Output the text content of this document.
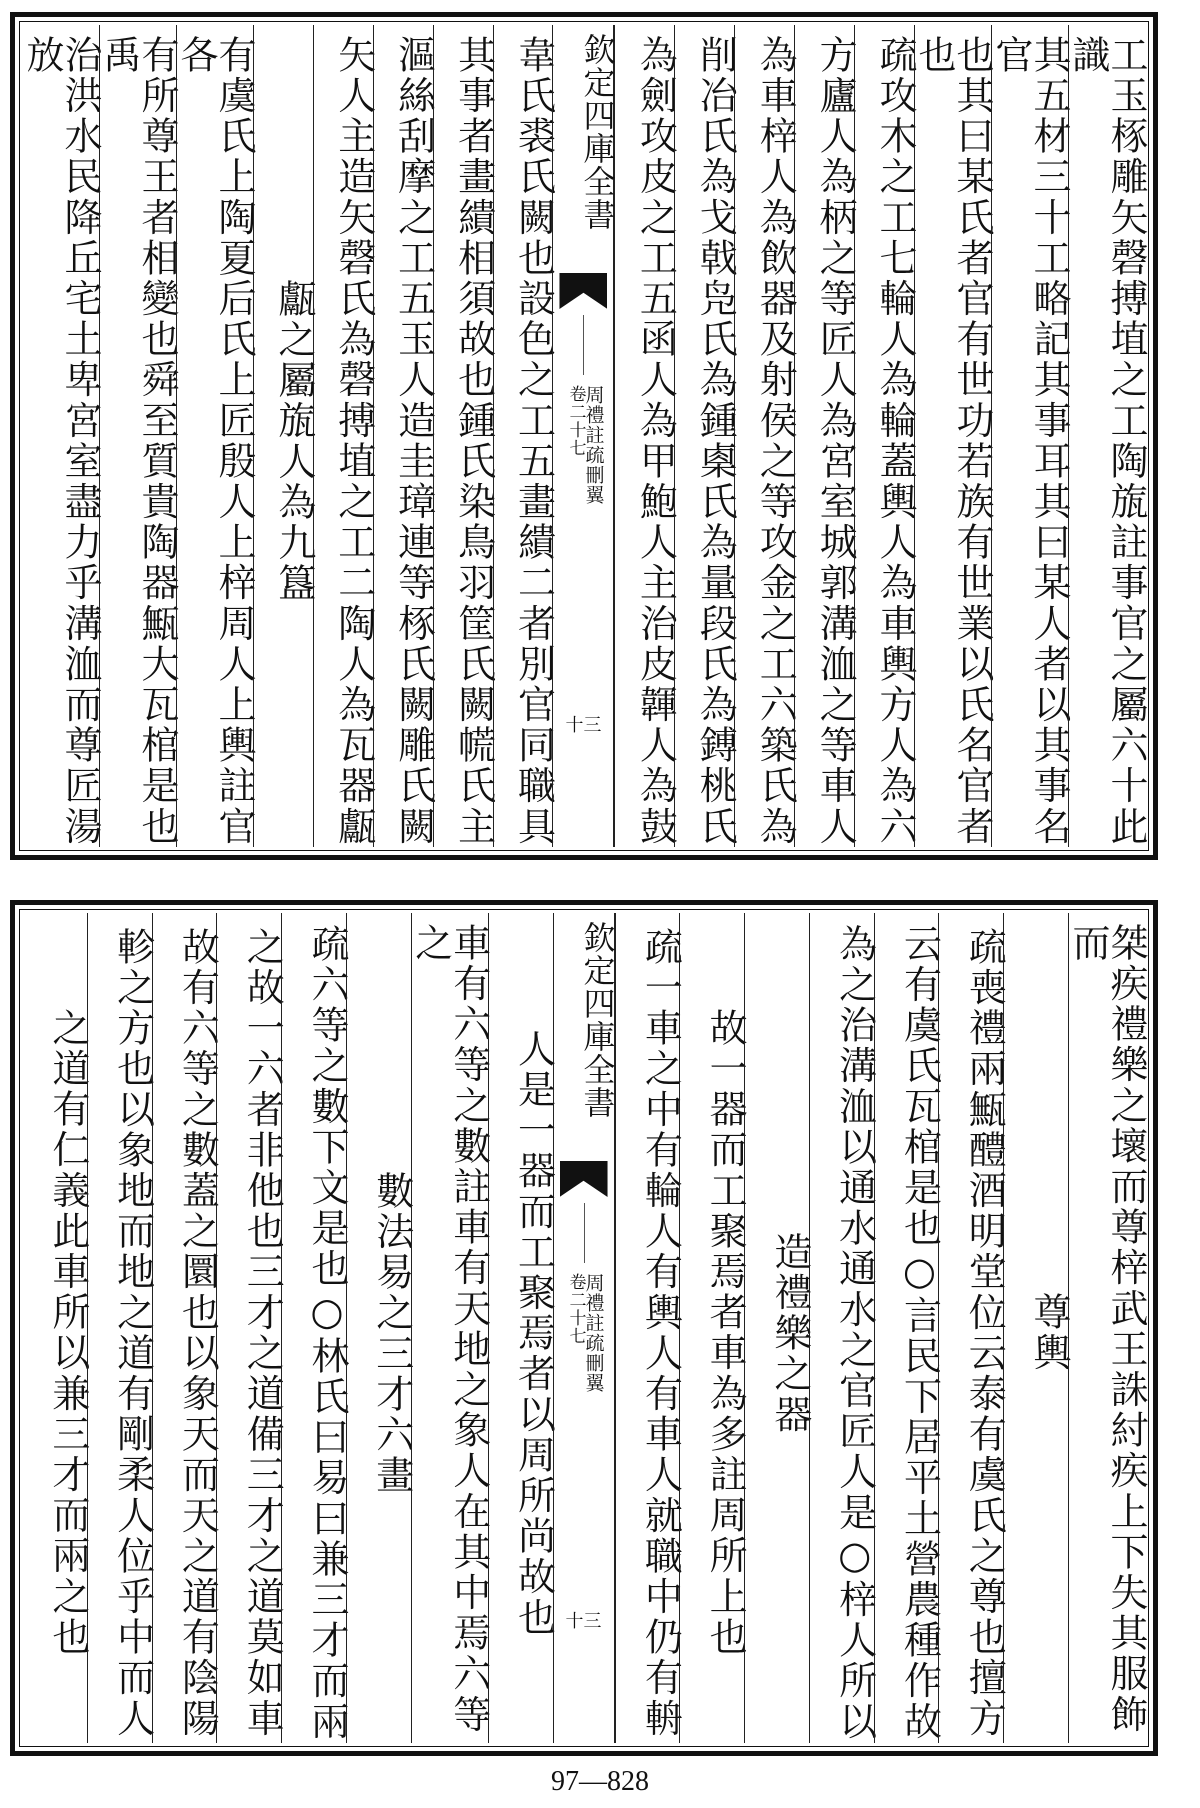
工玉㭬雕矢磬搏埴之工陶旊註事官之屬六十此識
其五材三十工略記其事耳其曰某人者以其事名官
也其曰某氏者官有世功若族有世業以氏名官者也
疏攻木之工七輪人為輪蓋輿人為車輿方人為六
方廬人為柄之等匠人為宮室城郭溝洫之等車人
為車梓人為飲器及射侯之等攻金之工六築氏為
削冶氏為戈戟凫氏為鍾㮚氏為量段氏為鎛桃氏
為劍攻皮之工五函人為甲鮑人主治皮韗人為鼓
欽定四庫全書
周禮註疏刪翼
卷二十七
十三
韋氏裘氏闕也設色之工五畫繢二者別官同職具
其事者畫繢相須故也鍾氏染鳥羽筐氏闕㡛氏主
漚絲刮摩之工五玉人造圭璋連等㭬氏闕雕氏闕
矢人主造矢磬氏為磬搏埴之工二陶人為瓦器甗
甗之屬旊人為九簋
有虞氏上陶夏后氏上匠殷人上梓周人上輿註官各
有所尊王者相變也舜至質貴陶器甒大瓦棺是也禹
治洪水民降丘宅土卑宮室盡力乎溝洫而尊匠湯放
桀疾禮樂之壞而尊梓武王誅紂疾上下失其服飾而
尊輿
疏喪禮兩甒醴酒明堂位云泰有虞氏之尊也擅方
云有虞氏瓦棺是也○言民下居平土營農種作故
為之治溝洫以通水通水之官匠人是○梓人所以
造禮樂之器
故一器而工聚焉者車為多註周所上也
疏一車之中有輪人有輿人有車人就職中仍有輈
欽定四庫全書
周禮註疏刪翼
卷二十七
十三
人是一器而工聚焉者以周所尚故也
車有六等之數註車有天地之象人在其中焉六等之
數法易之三才六畫
疏六等之數下文是也○林氏曰易曰兼三才而兩
之故一六者非他也三才之道備三才之道莫如車
故有六等之數蓋之圜也以象天而天之道有陰陽
軫之方也以象地而地之道有剛柔人位乎中而人
之道有仁義此車所以兼三才而兩之也
97—828
